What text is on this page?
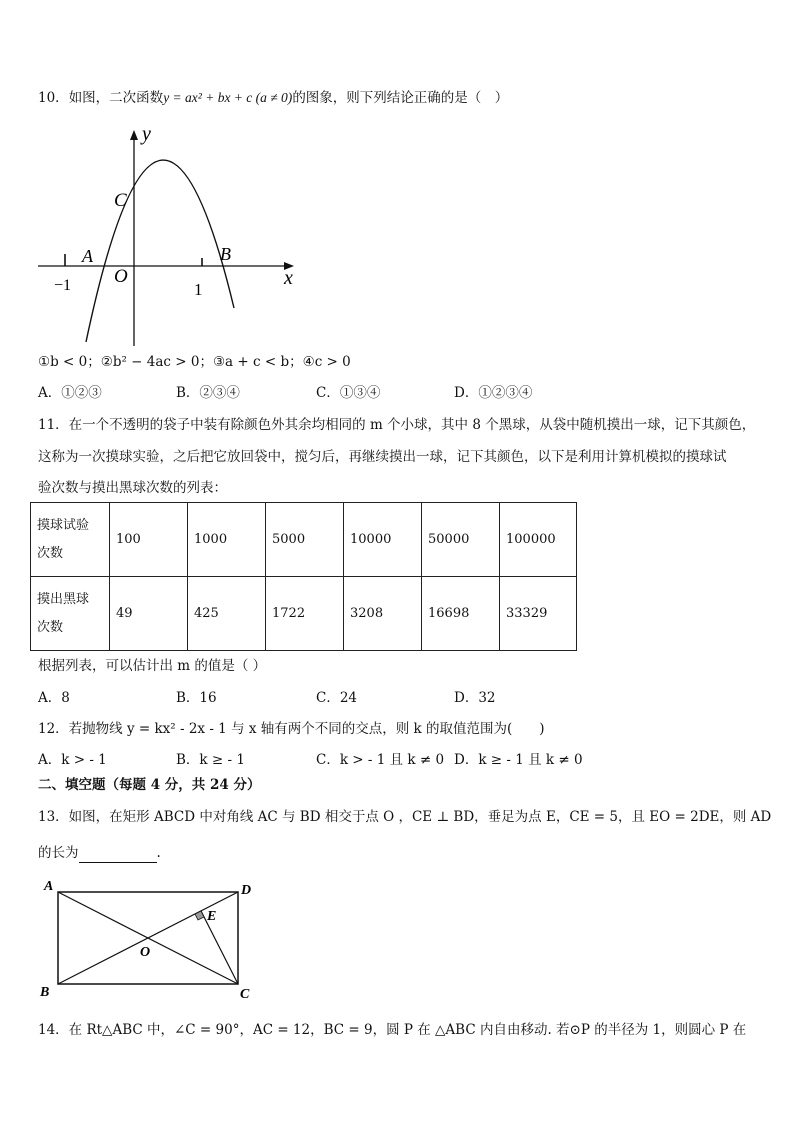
10．如图，二次函数y = ax² + bx + c (a ≠ 0)的图象，则下列结论正确的是（　）
y
x
C
A	B
O
−1	1
①b < 0；②b² − 4ac > 0；③a + c < b；④c > 0
A．①②③	B．②③④	C．①③④	D．①②③④
11．在一个不透明的袋子中装有除颜色外其余均相同的 m 个小球，其中 8 个黑球，从袋中随机摸出一球，记下其颜色，
这称为一次摸球实验，之后把它放回袋中，搅匀后，再继续摸出一球，记下其颜色，以下是利用计算机模拟的摸球试
验次数与摸出黑球次数的列表：
摸球试验
次数	100	1000	5000	10000	50000	100000

摸出黑球
次数	49	425	1722	3208	16698	33329
根据列表，可以估计出 m 的值是（ ）
A．8	B．16	C．24	D．32
12．若抛物线 y = kx² - 2x - 1 与 x 轴有两个不同的交点，则 k 的取值范围为(　　)
A．k > - 1	B．k ≥ - 1	C．k > - 1 且 k ≠ 0 D．k ≥ - 1 且 k ≠ 0
二、填空题（每题 4 分，共 24 分）
13．如图，在矩形 ABCD 中对角线 AC 与 BD 相交于点 O ，CE ⊥ BD，垂足为点 E，CE = 5，且 EO = 2DE，则 AD
的长为	.
A
B	C
D
O
E
14．在 Rt△ABC 中，∠C = 90°，AC = 12，BC = 9，圆 P 在 △ABC 内自由移动. 若⊙P 的半径为 1，则圆心 P 在
